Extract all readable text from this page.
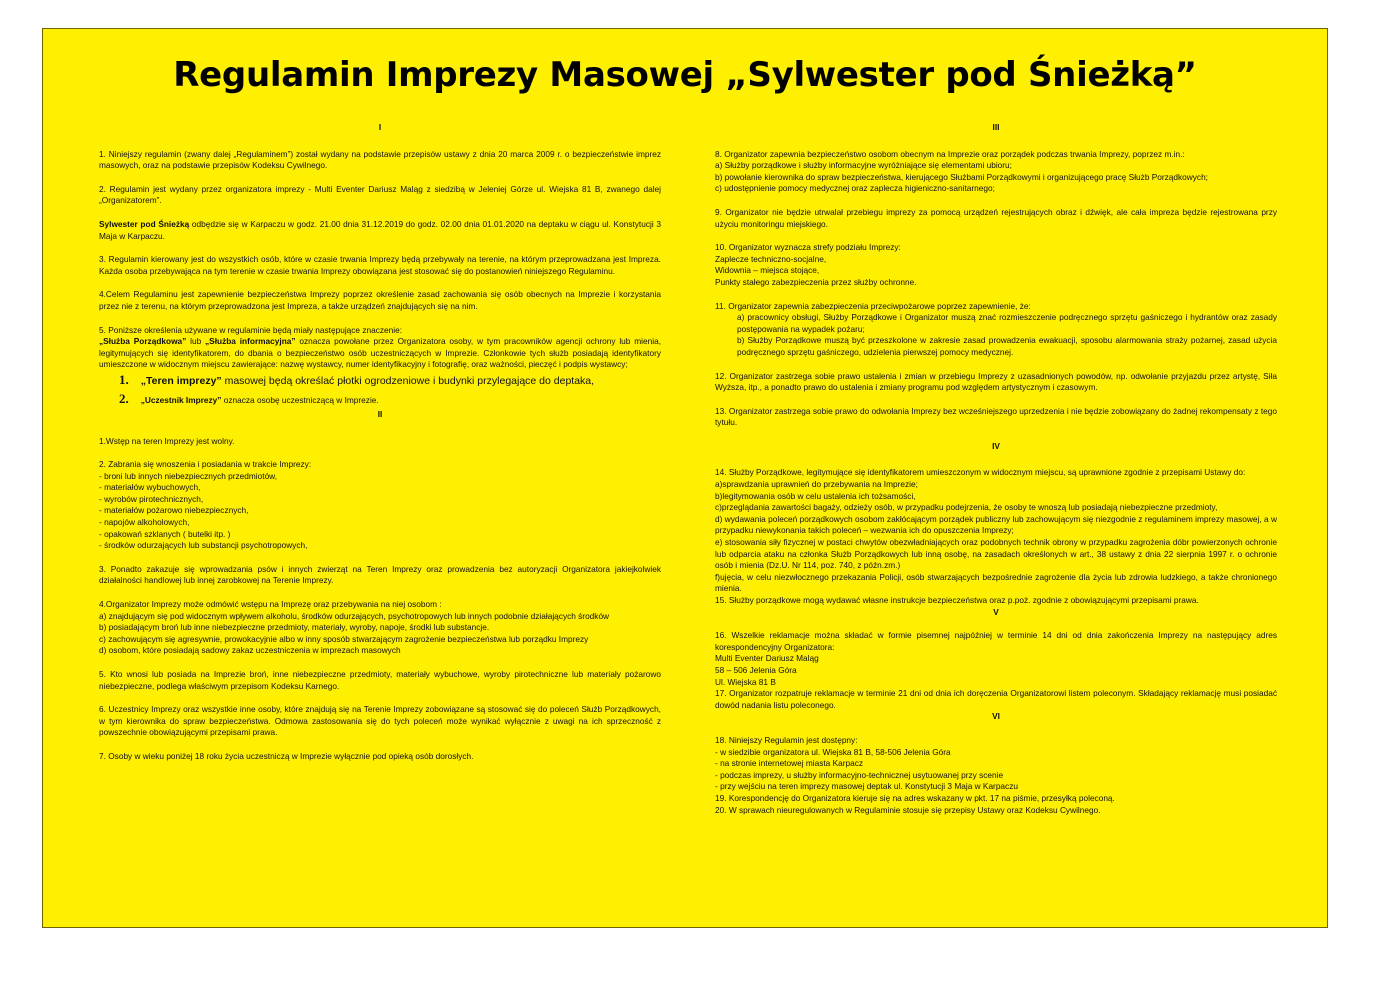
Regulamin Imprezy Masowej „Sylwester pod Śnieżką”
I

1. Niniejszy regulamin (zwany dalej „Regulaminem”) został wydany na podstawie przepisów ustawy z dnia 20 marca 2009 r. o bezpieczeństwie imprez masowych, oraz na podstawie przepisów Kodeksu Cywilnego.

2. Regulamin jest wydany przez organizatora imprezy - Multi Eventer Dariusz Maląg z siedzibą w Jeleniej Górze ul. Wiejska 81 B, zwanego dalej „Organizatorem”.

Sylwester pod Śnieżką odbędzie się w Karpaczu w godz. 21.00 dnia 31.12.2019 do godz. 02.00 dnia 01.01.2020 na deptaku w ciągu ul. Konstytucji 3 Maja w Karpaczu.

3. Regulamin kierowany jest do wszystkich osób, które w czasie trwania Imprezy będą przebywały na terenie, na którym przeprowadzana jest Impreza. Każda osoba przebywająca na tym terenie w czasie trwania Imprezy obowiązana jest stosować się do postanowień niniejszego Regulaminu.

4.Celem Regulaminu jest zapewnienie bezpieczeństwa Imprezy poprzez określenie zasad zachowania się osób obecnych na Imprezie i korzystania przez nie z terenu, na którym przeprowadzona jest Impreza, a także urządzeń znajdujących się na nim.

5. Poniższe określenia używane w regulaminie będą miały następujące znaczenie:
„Służba Porządkowa” lub „Służba informacyjna” oznacza powołane przez Organizatora osoby, w tym pracowników agencji ochrony lub mienia, legitymujących się identyfikatorem, do dbania o bezpieczeństwo osób uczestniczących w Imprezie. Członkowie tych służb posiadają identyfikatory umieszczone w widocznym miejscu zawierające: nazwę wystawcy, numer identyfikacyjny i fotografię, oraz ważności, pieczęć i podpis wystawcy;

1. „Teren imprezy” masowej będą określać płotki ogrodzeniowe i budynki przylegające do deptaka,
2. „Uczestnik Imprezy” oznacza osobę uczestniczącą w Imprezie.
II

1.Wstęp na teren Imprezy jest wolny.

2. Zabrania się wnoszenia i posiadania w trakcie Imprezy:
- broni lub innych niebezpiecznych przedmiotów,
- materiałów wybuchowych,
- wyrobów pirotechnicznych,
- materiałów pożarowo niebezpiecznych,
- napojów alkoholowych,
- opakowań szklanych ( butelki itp. )
- środków odurzających lub substancji psychotropowych,

3. Ponadto zakazuje się wprowadzania psów i innych zwierząt na Teren Imprezy oraz prowadzenia bez autoryzacji Organizatora jakiejkolwiek działalności handlowej lub innej zarobkowej na Terenie Imprezy.

4.Organizator Imprezy może odmówić wstępu na Imprezę oraz przebywania na niej osobom :
a) znajdującym się pod widocznym wpływem alkoholu, środków odurzających, psychotropowych lub innych podobnie działających środków
b) posiadającym broń lub inne niebezpieczne przedmioty, materiały, wyroby, napoje, środki lub substancje.
c) zachowującym się agresywnie, prowokacyjnie albo w inny sposób stwarzającym zagrożenie bezpieczeństwa lub porządku Imprezy
d) osobom, które posiadają sadowy zakaz uczestniczenia w imprezach masowych

5. Kto wnosi lub posiada na Imprezie broń, inne niebezpieczne przedmioty, materiały wybuchowe, wyroby pirotechniczne lub materiały pożarowo niebezpieczne, podlega właściwym przepisom Kodeksu Karnego.

6. Uczestnicy Imprezy oraz wszystkie inne osoby, które znajdują się na Terenie Imprezy zobowiązane są stosować się do poleceń Służb Porządkowych, w tym kierownika do spraw bezpieczeństwa. Odmowa zastosowania się do tych poleceń może wynikać wyłącznie z uwagi na ich sprzeczność z powszechnie obowiązującymi przepisami prawa.

7. Osoby w wieku poniżej 18 roku życia uczestniczą w Imprezie wyłącznie pod opieką osób dorosłych.

III

8. Organizator zapewnia bezpieczeństwo osobom obecnym na Imprezie oraz porządek podczas trwania Imprezy, poprzez m.in.:
a) Służby porządkowe i służby informacyjne wyróżniające się elementami ubioru;
b) powołanie kierownika do spraw bezpieczeństwa, kierującego Służbami Porządkowymi i organizującego pracę Służb Porządkowych;
c) udostępnienie pomocy medycznej oraz zaplecza higieniczno-sanitarnego;

9. Organizator nie będzie utrwalał przebiegu imprezy za pomocą urządzeń rejestrujących obraz i dźwięk, ale cała impreza będzie rejestrowana przy użyciu monitoringu miejskiego.

10. Organizator wyznacza strefy podziału Imprezy:
Zaplecze techniczno-socjalne,
Widownia – miejsca stojące,
Punkty stałego zabezpieczenia przez służby ochronne.

11. Organizator zapewnia zabezpieczenia przeciwpożarowe poprzez zapewnienie, że:
a) pracownicy obsługi, Służby Porządkowe i Organizator muszą znać rozmieszczenie podręcznego sprzętu gaśniczego i hydrantów oraz zasady postępowania na wypadek pożaru;
b) Służby Porządkowe muszą być przeszkolone w zakresie zasad prowadzenia ewakuacji, sposobu alarmowania straży pożarnej, zasad użycia podręcznego sprzętu gaśniczego, udzielenia pierwszej pomocy medycznej.

12. Organizator zastrzega sobie prawo ustalenia i zmian w przebiegu Imprezy z uzasadnionych powodów, np. odwołanie przyjazdu przez artystę, Siła Wyższa, itp., a ponadto prawo do ustalenia i zmiany programu pod względem artystycznym i czasowym.

13. Organizator zastrzega sobie prawo do odwołania Imprezy bez wcześniejszego uprzedzenia i nie będzie zobowiązany do żadnej rekompensaty z tego tytułu.

IV

14. Służby Porządkowe, legitymujące się identyfikatorem umieszczonym w widocznym miejscu, są uprawnione zgodnie z przepisami Ustawy do:
a)sprawdzania uprawnień do przebywania na Imprezie;
b)legitymowania osób w celu ustalenia ich tożsamości,
c)przeglądania zawartości bagaży, odzieży osób, w przypadku podejrzenia, że osoby te wnoszą lub posiadają niebezpieczne przedmioty,
d) wydawania poleceń porządkowych osobom zakłócającym porządek publiczny lub zachowującym się niezgodnie z regulaminem imprezy masowej, a w przypadku niewykonania takich poleceń – wezwania ich do opuszczenia Imprezy;
e) stosowania siły fizycznej w postaci chwytów obezwładniających oraz podobnych technik obrony w przypadku zagrożenia dóbr powierzonych ochronie lub odparcia ataku na członka Służb Porządkowych lub inną osobę, na zasadach określonych w art., 38 ustawy z dnia 22 sierpnia 1997 r. o ochronie osób i mienia (Dz.U. Nr 114, poz. 740, z późn.zm.)
f)ujęcia, w celu niezwłocznego przekazania Policji, osób stwarzających bezpośrednie zagrożenie dla życia lub zdrowia ludzkiego, a także chronionego mienia.
15. Służby porządkowe mogą wydawać własne instrukcje bezpieczeństwa oraz p.poż. zgodnie z obowiązującymi przepisami prawa.

V

16. Wszelkie reklamacje można składać w formie pisemnej najpóźniej w terminie 14 dni od dnia zakończenia Imprezy na następujący adres korespondencyjny Organizatora:
Multi Eventer Dariusz Maląg
58 – 506 Jelenia Góra
Ul. Wiejska 81 B
17. Organizator rozpatruje reklamacje w terminie 21 dni od dnia ich doręczenia Organizatorowi listem poleconym. Składający reklamację musi posiadać dowód nadania listu poleconego.

VI

18. Niniejszy Regulamin jest dostępny:
- w siedzibie organizatora ul. Wiejska 81 B, 58-506 Jelenia Góra
- na stronie internetowej miasta Karpacz
- podczas imprezy, u służby informacyjno-technicznej usytuowanej przy scenie
- przy wejściu na teren imprezy masowej deptak ul. Konstytucji 3 Maja w Karpaczu
19. Korespondencję do Organizatora kieruje się na adres wskazany w pkt. 17 na piśmie, przesyłką poleconą.
20. W sprawach nieuregulowanych w Regulaminie stosuje się przepisy Ustawy oraz Kodeksu Cywilnego.
